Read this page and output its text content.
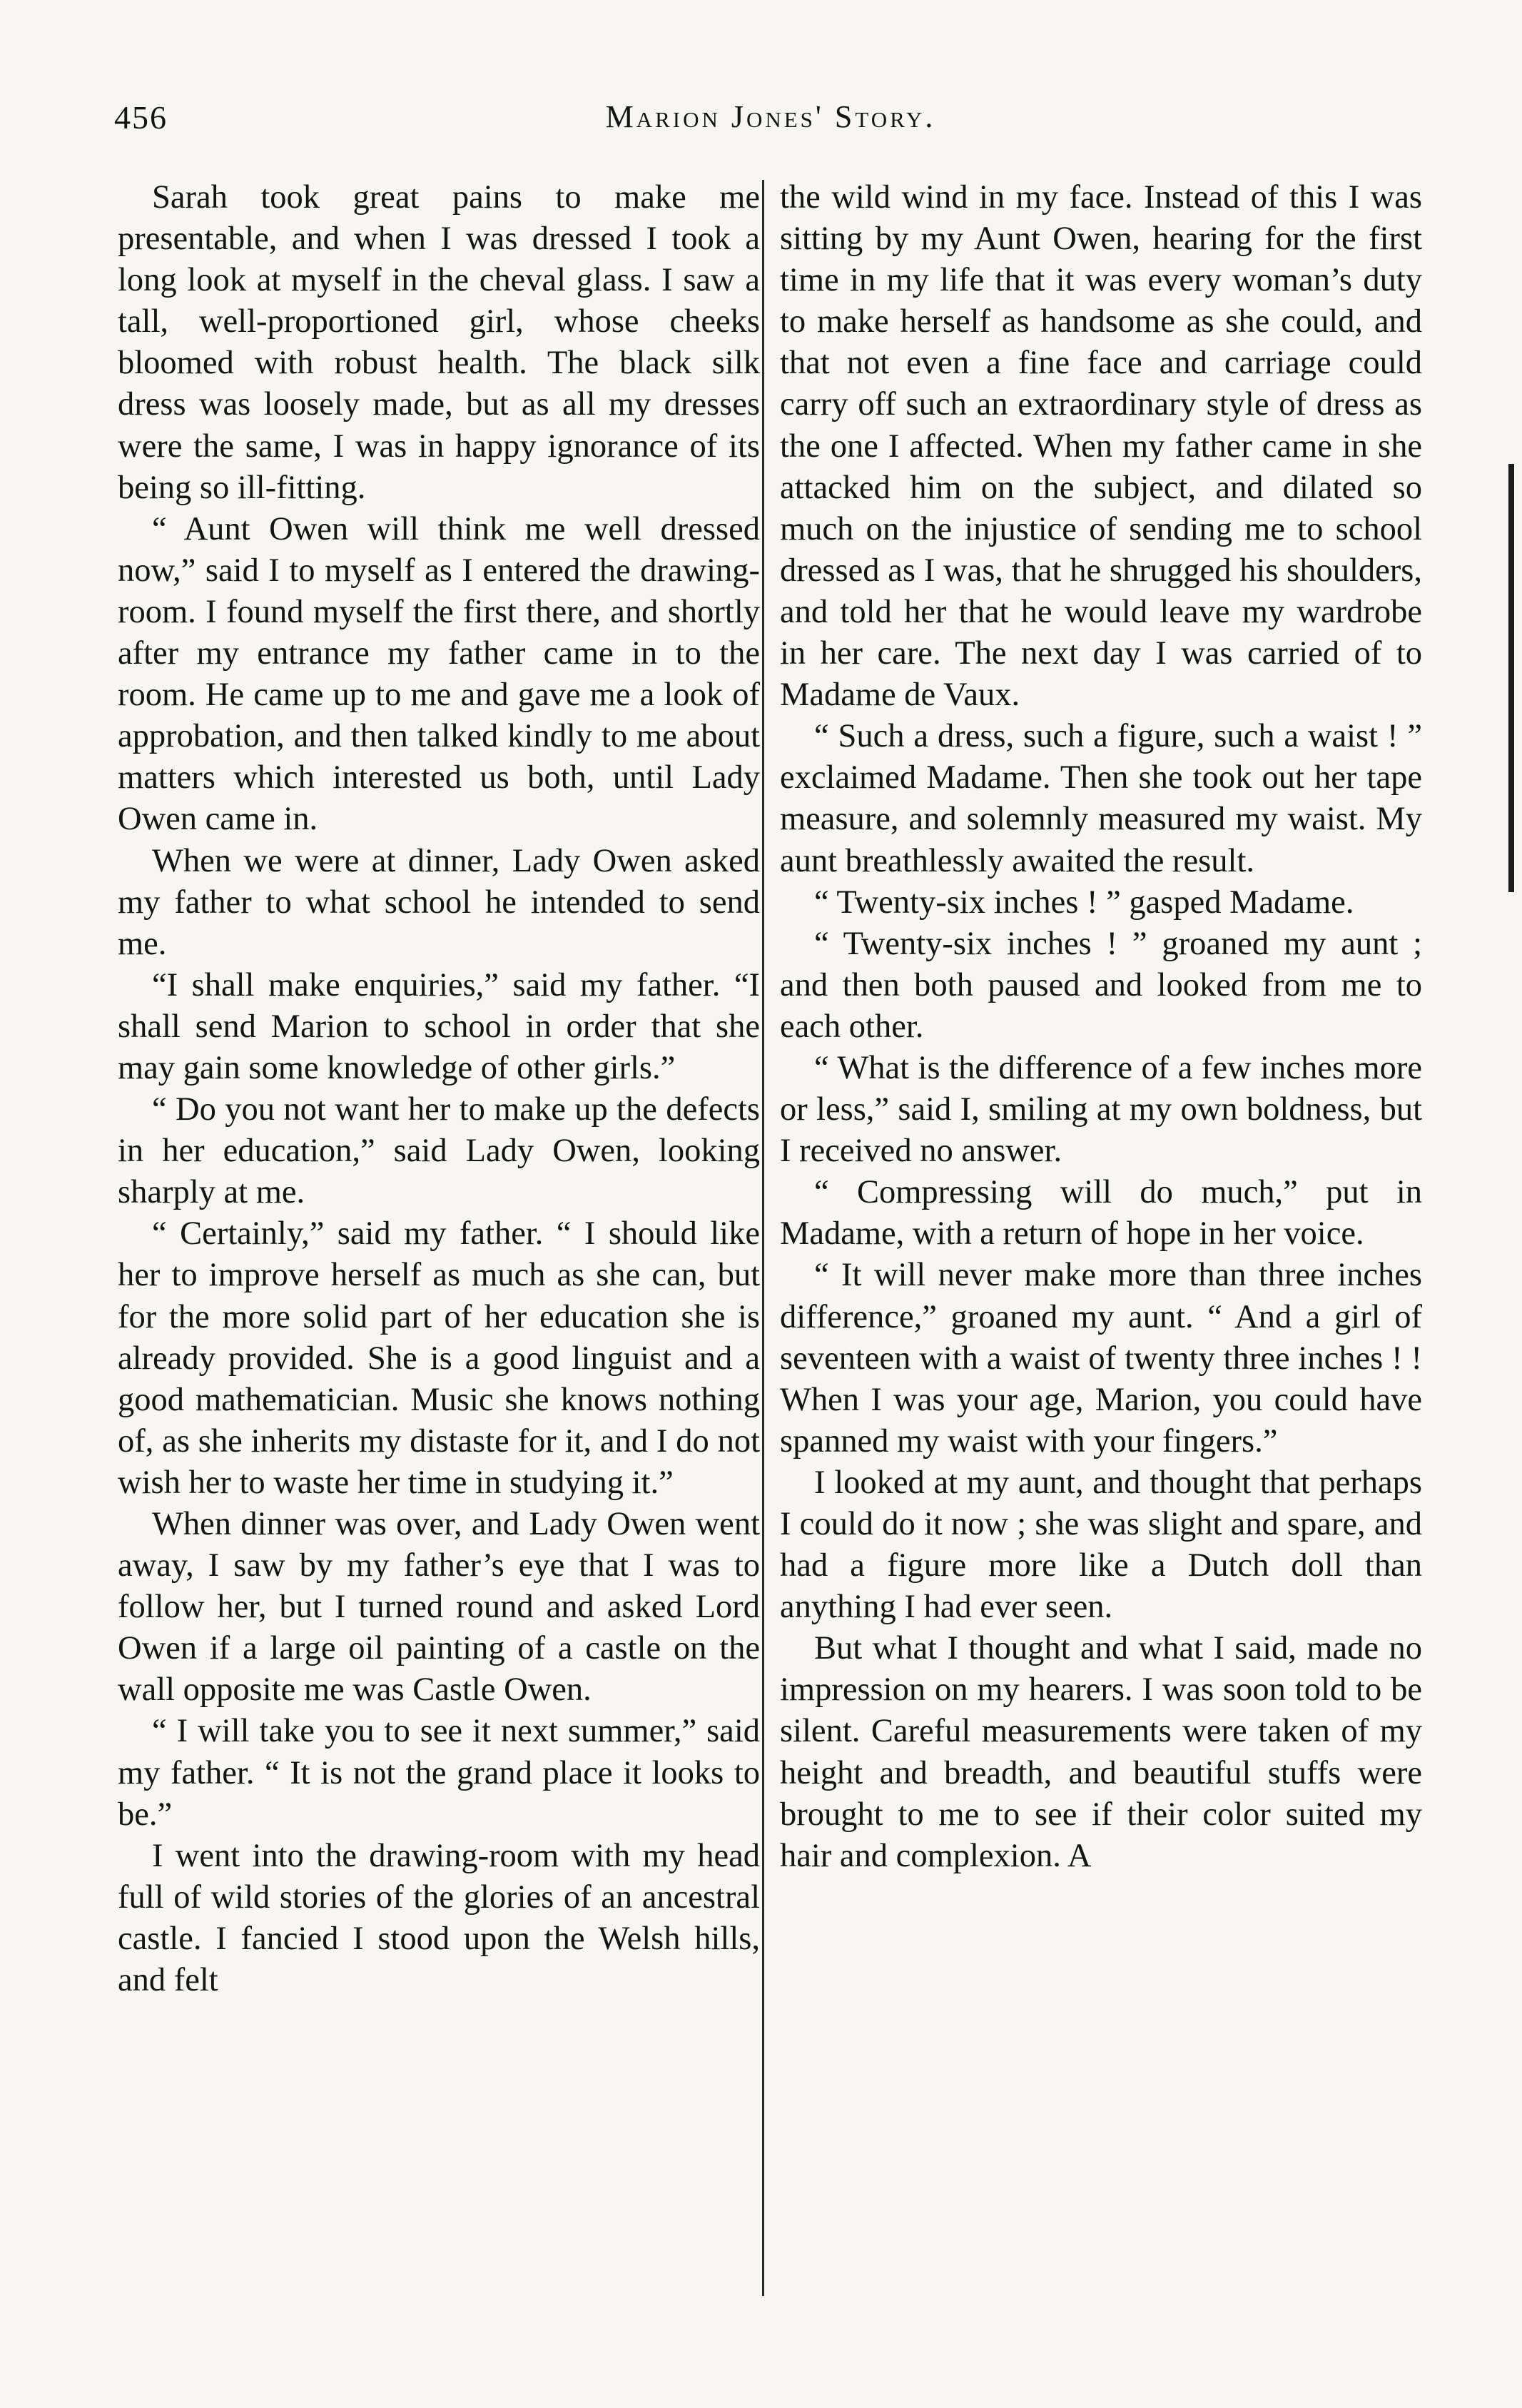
456	Marion Jones' Story.

Sarah took great pains to make me presentable, and when I was dressed I took a long look at myself in the cheval glass. I saw a tall, well-proportioned girl, whose cheeks bloomed with robust health. The black silk dress was loosely made, but as all my dresses were the same, I was in happy ignorance of its being so ill-fitting.

“ Aunt Owen will think me well dressed now,” said I to myself as I entered the drawing-room. I found myself the first there, and shortly after my entrance my father came in to the room. He came up to me and gave me a look of approbation, and then talked kindly to me about matters which interested us both, until Lady Owen came in.

When we were at dinner, Lady Owen asked my father to what school he intended to send me.

“I shall make enquiries,” said my father. “I shall send Marion to school in order that she may gain some knowledge of other girls.”

“ Do you not want her to make up the defects in her education,” said Lady Owen, looking sharply at me.

“ Certainly,” said my father. “ I should like her to improve herself as much as she can, but for the more solid part of her education she is already provided. She is a good linguist and a good mathematician. Music she knows nothing of, as she inherits my distaste for it, and I do not wish her to waste her time in studying it.”

When dinner was over, and Lady Owen went away, I saw by my father’s eye that I was to follow her, but I turned round and asked Lord Owen if a large oil painting of a castle on the wall opposite me was Castle Owen.

“ I will take you to see it next summer,” said my father. “ It is not the grand place it looks to be.”

I went into the drawing-room with my head full of wild stories of the glories of an ancestral castle. I fancied I stood upon the Welsh hills, and felt

the wild wind in my face. Instead of this I was sitting by my Aunt Owen, hearing for the first time in my life that it was every woman’s duty to make herself as handsome as she could, and that not even a fine face and carriage could carry off such an extraordinary style of dress as the one I affected. When my father came in she attacked him on the subject, and dilated so much on the injustice of sending me to school dressed as I was, that he shrugged his shoulders, and told her that he would leave my wardrobe in her care. The next day I was carried of to Madame de Vaux.

“ Such a dress, such a figure, such a waist ! ” exclaimed Madame. Then she took out her tape measure, and solemnly measured my waist. My aunt breathlessly awaited the result.

“ Twenty-six inches ! ” gasped Madame.

“ Twenty-six inches ! ” groaned my aunt ; and then both paused and looked from me to each other.

“ What is the difference of a few inches more or less,” said I, smiling at my own boldness, but I received no answer.

“ Compressing will do much,” put in Madame, with a return of hope in her voice.

“ It will never make more than three inches difference,” groaned my aunt. “ And a girl of seventeen with a waist of twenty three inches ! ! When I was your age, Marion, you could have spanned my waist with your fingers.”

I looked at my aunt, and thought that perhaps I could do it now ; she was slight and spare, and had a figure more like a Dutch doll than anything I had ever seen.

But what I thought and what I said, made no impression on my hearers. I was soon told to be silent. Careful measurements were taken of my height and breadth, and beautiful stuffs were brought to me to see if their color suited my hair and complexion. A
